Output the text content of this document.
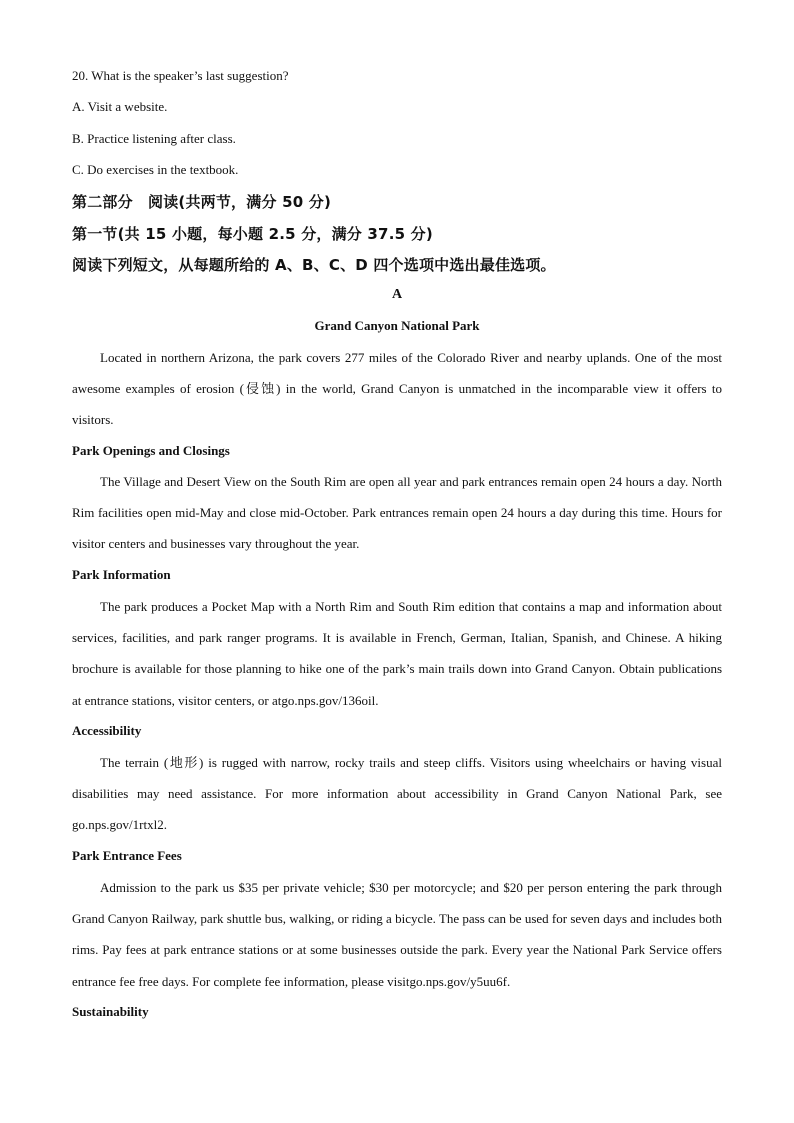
20. What is the speaker’s last suggestion?
A. Visit a website.
B. Practice listening after class.
C. Do exercises in the textbook.
第二部分　阅读(共两节，满分 50 分)
第一节(共 15 小题，每小题 2.5 分，满分 37.5 分)
阅读下列短文，从每题所给的 A、B、C、D 四个选项中选出最佳选项。
A
Grand Canyon National Park
Located in northern Arizona, the park covers 277 miles of the Colorado River and nearby uplands. One of the most awesome examples of erosion (侵蚀) in the world, Grand Canyon is unmatched in the incomparable view it offers to visitors.
Park Openings and Closings
The Village and Desert View on the South Rim are open all year and park entrances remain open 24 hours a day. North Rim facilities open mid-May and close mid-October. Park entrances remain open 24 hours a day during this time. Hours for visitor centers and businesses vary throughout the year.
Park Information
The park produces a Pocket Map with a North Rim and South Rim edition that contains a map and information about services, facilities, and park ranger programs. It is available in French, German, Italian, Spanish, and Chinese. A hiking brochure is available for those planning to hike one of the park’s main trails down into Grand Canyon. Obtain publications at entrance stations, visitor centers, or atgo.nps.gov/136oil.
Accessibility
The terrain (地形) is rugged with narrow, rocky trails and steep cliffs. Visitors using wheelchairs or having visual disabilities may need assistance. For more information about accessibility in Grand Canyon National Park, see go.nps.gov/1rtxl2.
Park Entrance Fees
Admission to the park us $35 per private vehicle; $30 per motorcycle; and $20 per person entering the park through Grand Canyon Railway, park shuttle bus, walking, or riding a bicycle. The pass can be used for seven days and includes both rims. Pay fees at park entrance stations or at some businesses outside the park. Every year the National Park Service offers entrance fee free days. For complete fee information, please visitgo.nps.gov/y5uu6f.
Sustainability
